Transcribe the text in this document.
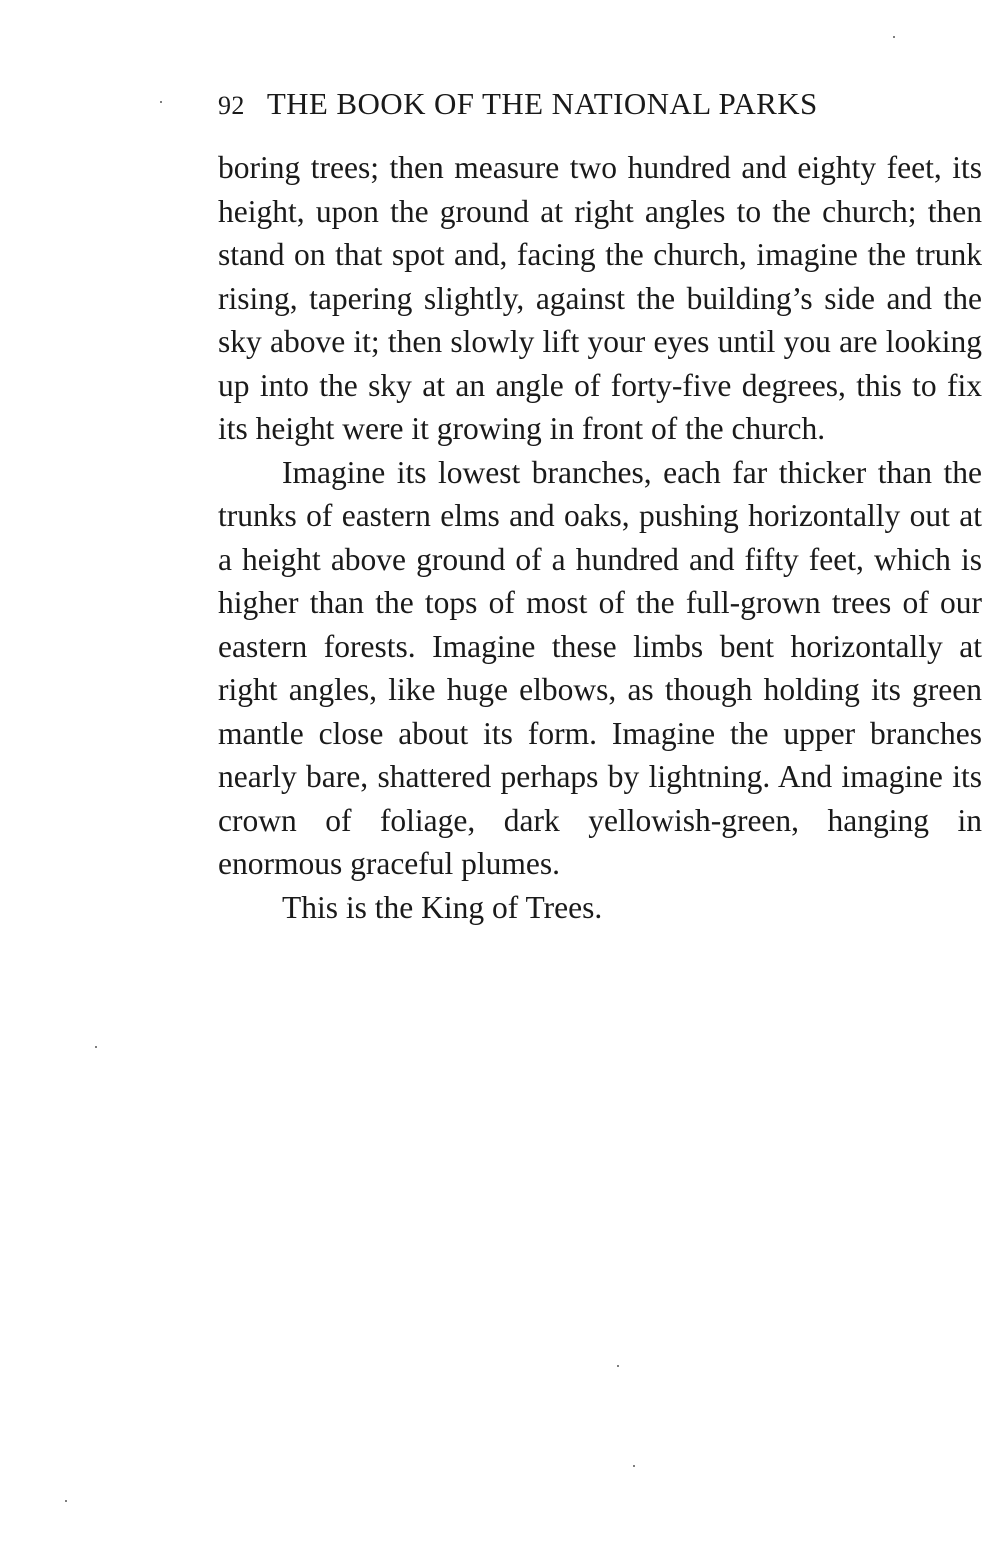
92 THE BOOK OF THE NATIONAL PARKS

boring trees; then measure two hundred and eighty feet, its height, upon the ground at right angles to the church; then stand on that spot and, facing the church, imagine the trunk rising, tapering slightly, against the building’s side and the sky above it; then slowly lift your eyes until you are looking up into the sky at an angle of forty-five degrees, this to fix its height were it growing in front of the church.

Imagine its lowest branches, each far thicker than the trunks of eastern elms and oaks, pushing horizontally out at a height above ground of a hundred and fifty feet, which is higher than the tops of most of the full-grown trees of our eastern forests. Imagine these limbs bent horizontally at right angles, like huge elbows, as though holding its green mantle close about its form. Imagine the upper branches nearly bare, shattered perhaps by lightning. And imagine its crown of foliage, dark yellowish-green, hanging in enormous graceful plumes.

This is the King of Trees.
